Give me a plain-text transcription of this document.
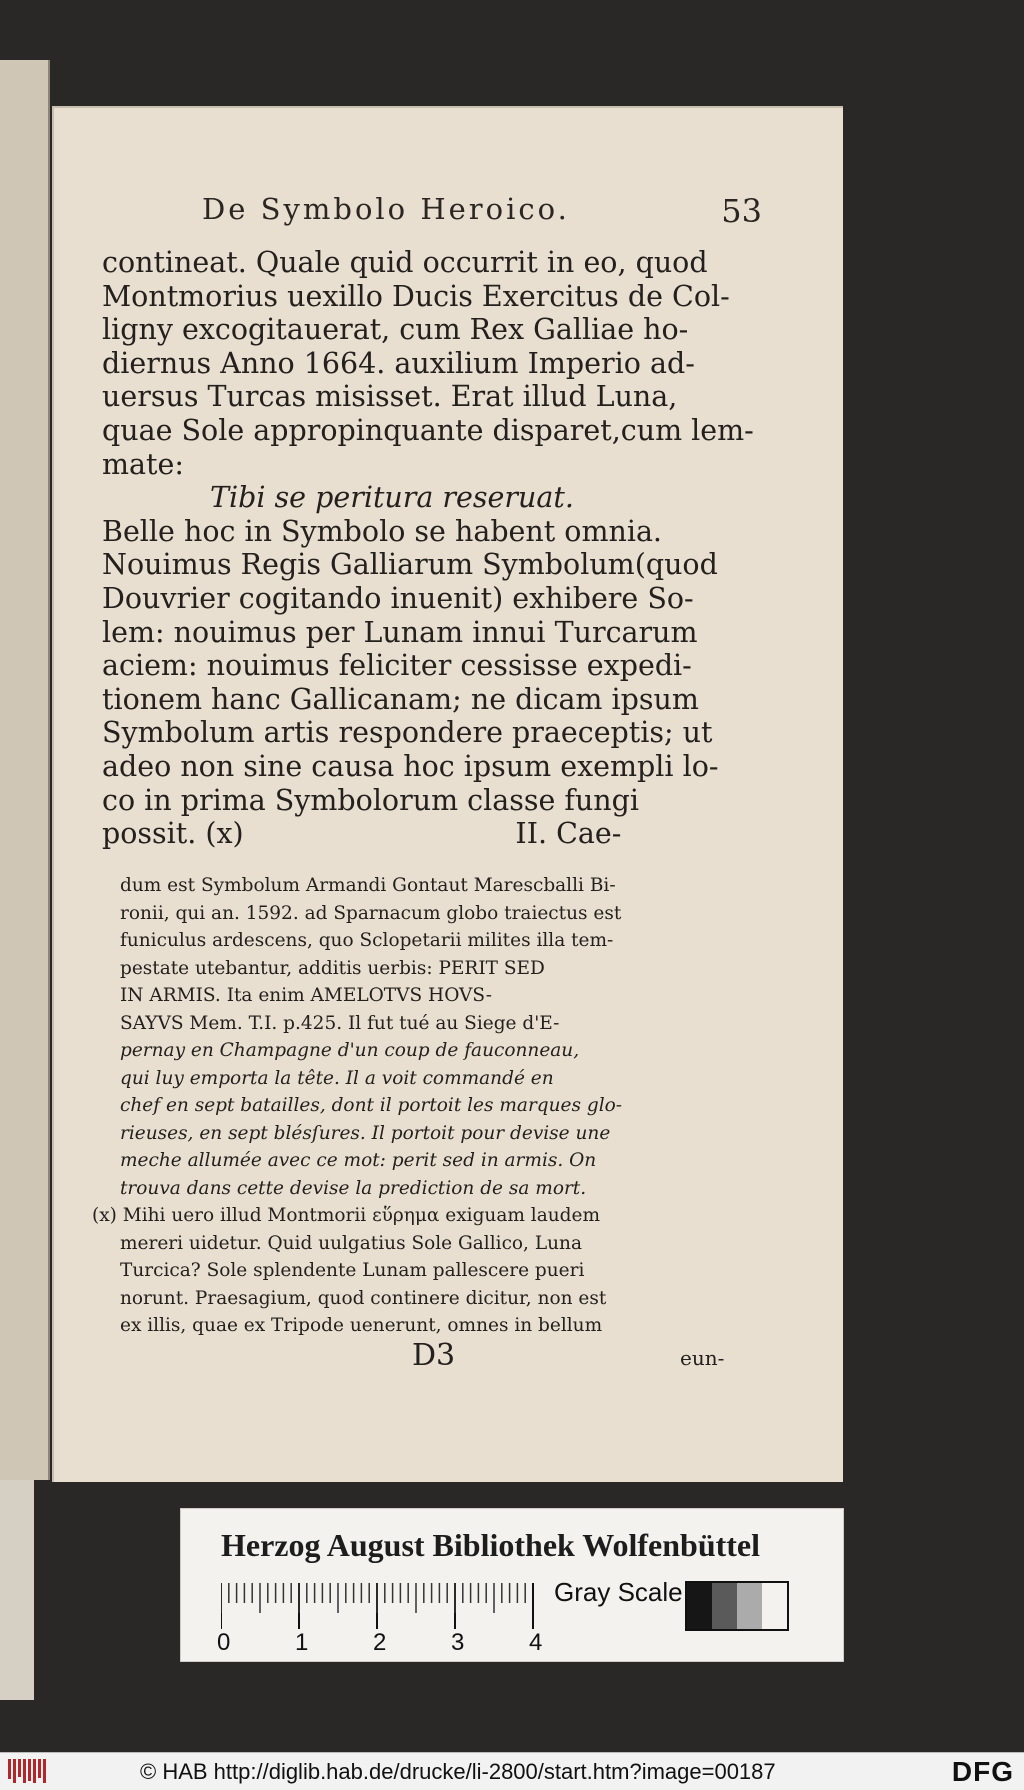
De Symbolo Heroico.	53
contineat. Quale quid occurrit in eo, quod
Montmorius uexillo Ducis Exercitus de Col-
ligny excogitauerat, cum Rex Galliae ho-
diernus Anno 1664. auxilium Imperio ad-
uersus Turcas misisset. Erat illud Luna,
quae Sole appropinquante disparet,cum lem-
mate:
Tibi se peritura reseruat.
Belle hoc in Symbolo se habent omnia.
Nouimus Regis Galliarum Symbolum(quod
Douvrier cogitando inuenit) exhibere So-
lem: nouimus per Lunam innui Turcarum
aciem: nouimus feliciter cessisse expedi-
tionem hanc Gallicanam; ne dicam ipsum
Symbolum artis respondere praeceptis; ut
adeo non sine causa hoc ipsum exempli lo-
co in prima Symbolorum classe fungi
possit. (x)                              II. Cae-
dum est Symbolum Armandi Gontaut Marescballi Bi-
ronii, qui an. 1592. ad Sparnacum globo traiectus est
funiculus ardescens, quo Sclopetarii milites illa tem-
pestate utebantur, additis uerbis: PERIT SED
IN ARMIS. Ita enim AMELOTVS HOVS-
SAYVS Mem. T.I. p.425. Il fut tué au Siege d'E-
pernay en Champagne d'un coup de fauconneau,
qui luy emporta la tête. Il a voit commandé en
chef en sept batailles, dont il portoit les marques glo-
rieuses, en sept blésſures. Il portoit pour devise une
meche allumée avec ce mot: perit sed in armis. On
trouva dans cette devise la prediction de sa mort.
(x) Mihi uero illud Montmorii εὕρημα exiguam laudem
mereri uidetur. Quid uulgatius Sole Gallico, Luna
Turcica? Sole splendente Lunam pallescere pueri
norunt. Praesagium, quod continere dicitur, non est
ex illis, quae ex Tripode uenerunt, omnes in bellum
D3	eun-
Herzog August Bibliothek Wolfenbüttel
0	1	2	3	4
Gray Scale
© HAB http://diglib.hab.de/drucke/li-2800/start.htm?image=00187	DFG
